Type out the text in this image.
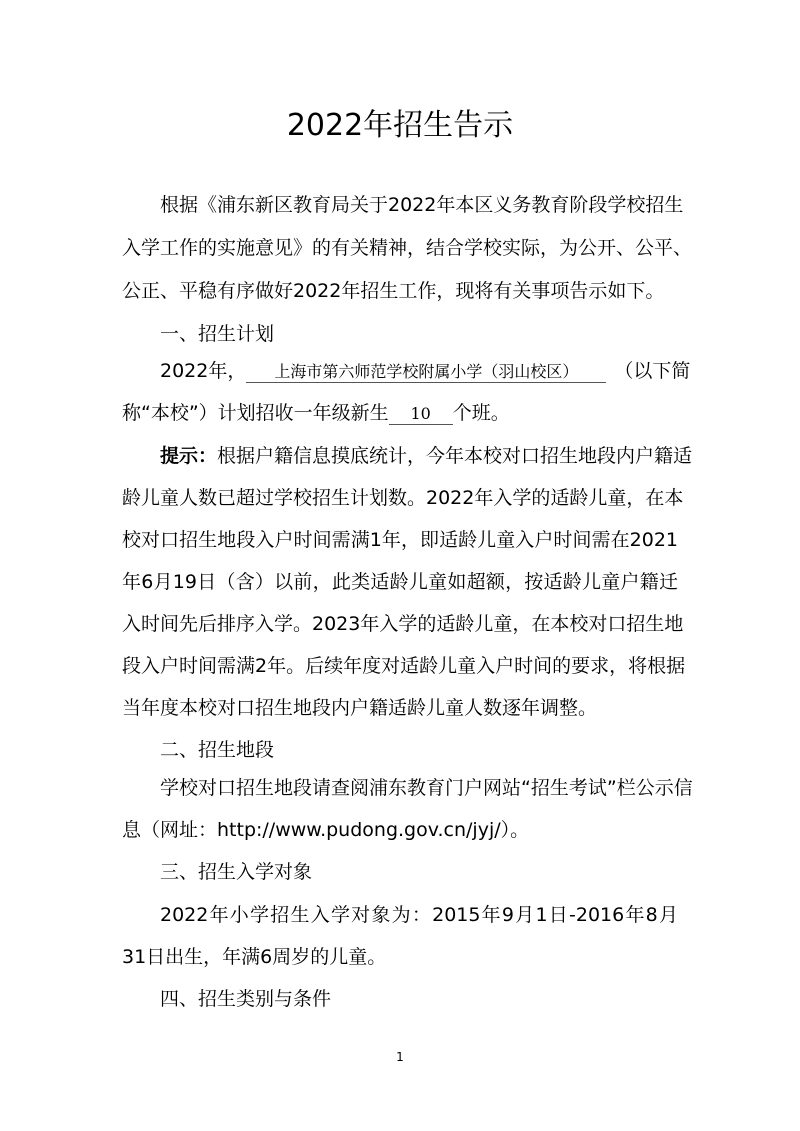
2022年招生告示
根据《浦东新区教育局关于2022年本区义务教育阶段学校招生
入学工作的实施意见》的有关精神，结合学校实际，为公开、公平、
公正、平稳有序做好2022年招生工作，现将有关事项告示如下。
一、招生计划
2022年， 上海市第六师范学校附属小学（羽山校区） （以下简
称“本校”）计划招收一年级新生 10 个班。
提示：根据户籍信息摸底统计，今年本校对口招生地段内户籍适
龄儿童人数已超过学校招生计划数。2022年入学的适龄儿童，在本
校对口招生地段入户时间需满1年，即适龄儿童入户时间需在2021
年6月19日（含）以前，此类适龄儿童如超额，按适龄儿童户籍迁
入时间先后排序入学。2023年入学的适龄儿童，在本校对口招生地
段入户时间需满2年。后续年度对适龄儿童入户时间的要求，将根据
当年度本校对口招生地段内户籍适龄儿童人数逐年调整。
二、招生地段
学校对口招生地段请查阅浦东教育门户网站“招生考试”栏公示信
息（网址：http://www.pudong.gov.cn/jyj/）。
三、招生入学对象
2022年小学招生入学对象为：2015年9月1日-2016年8月
31日出生，年满6周岁的儿童。
四、招生类别与条件
1
